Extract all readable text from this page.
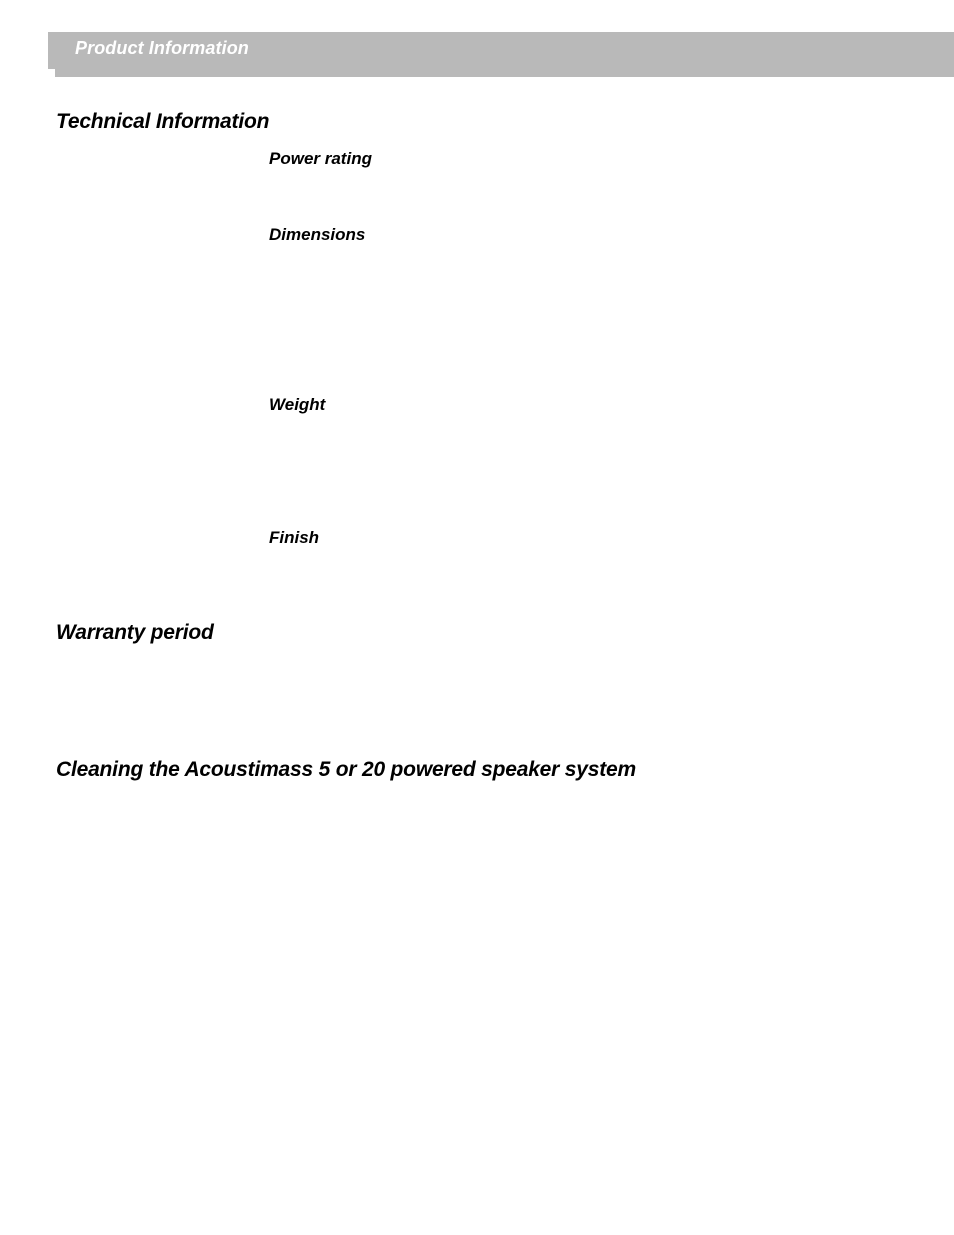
Product Information
Technical Information
Power rating
Dimensions
Weight
Finish
Warranty period
Cleaning the Acoustimass 5 or 20 powered speaker system
